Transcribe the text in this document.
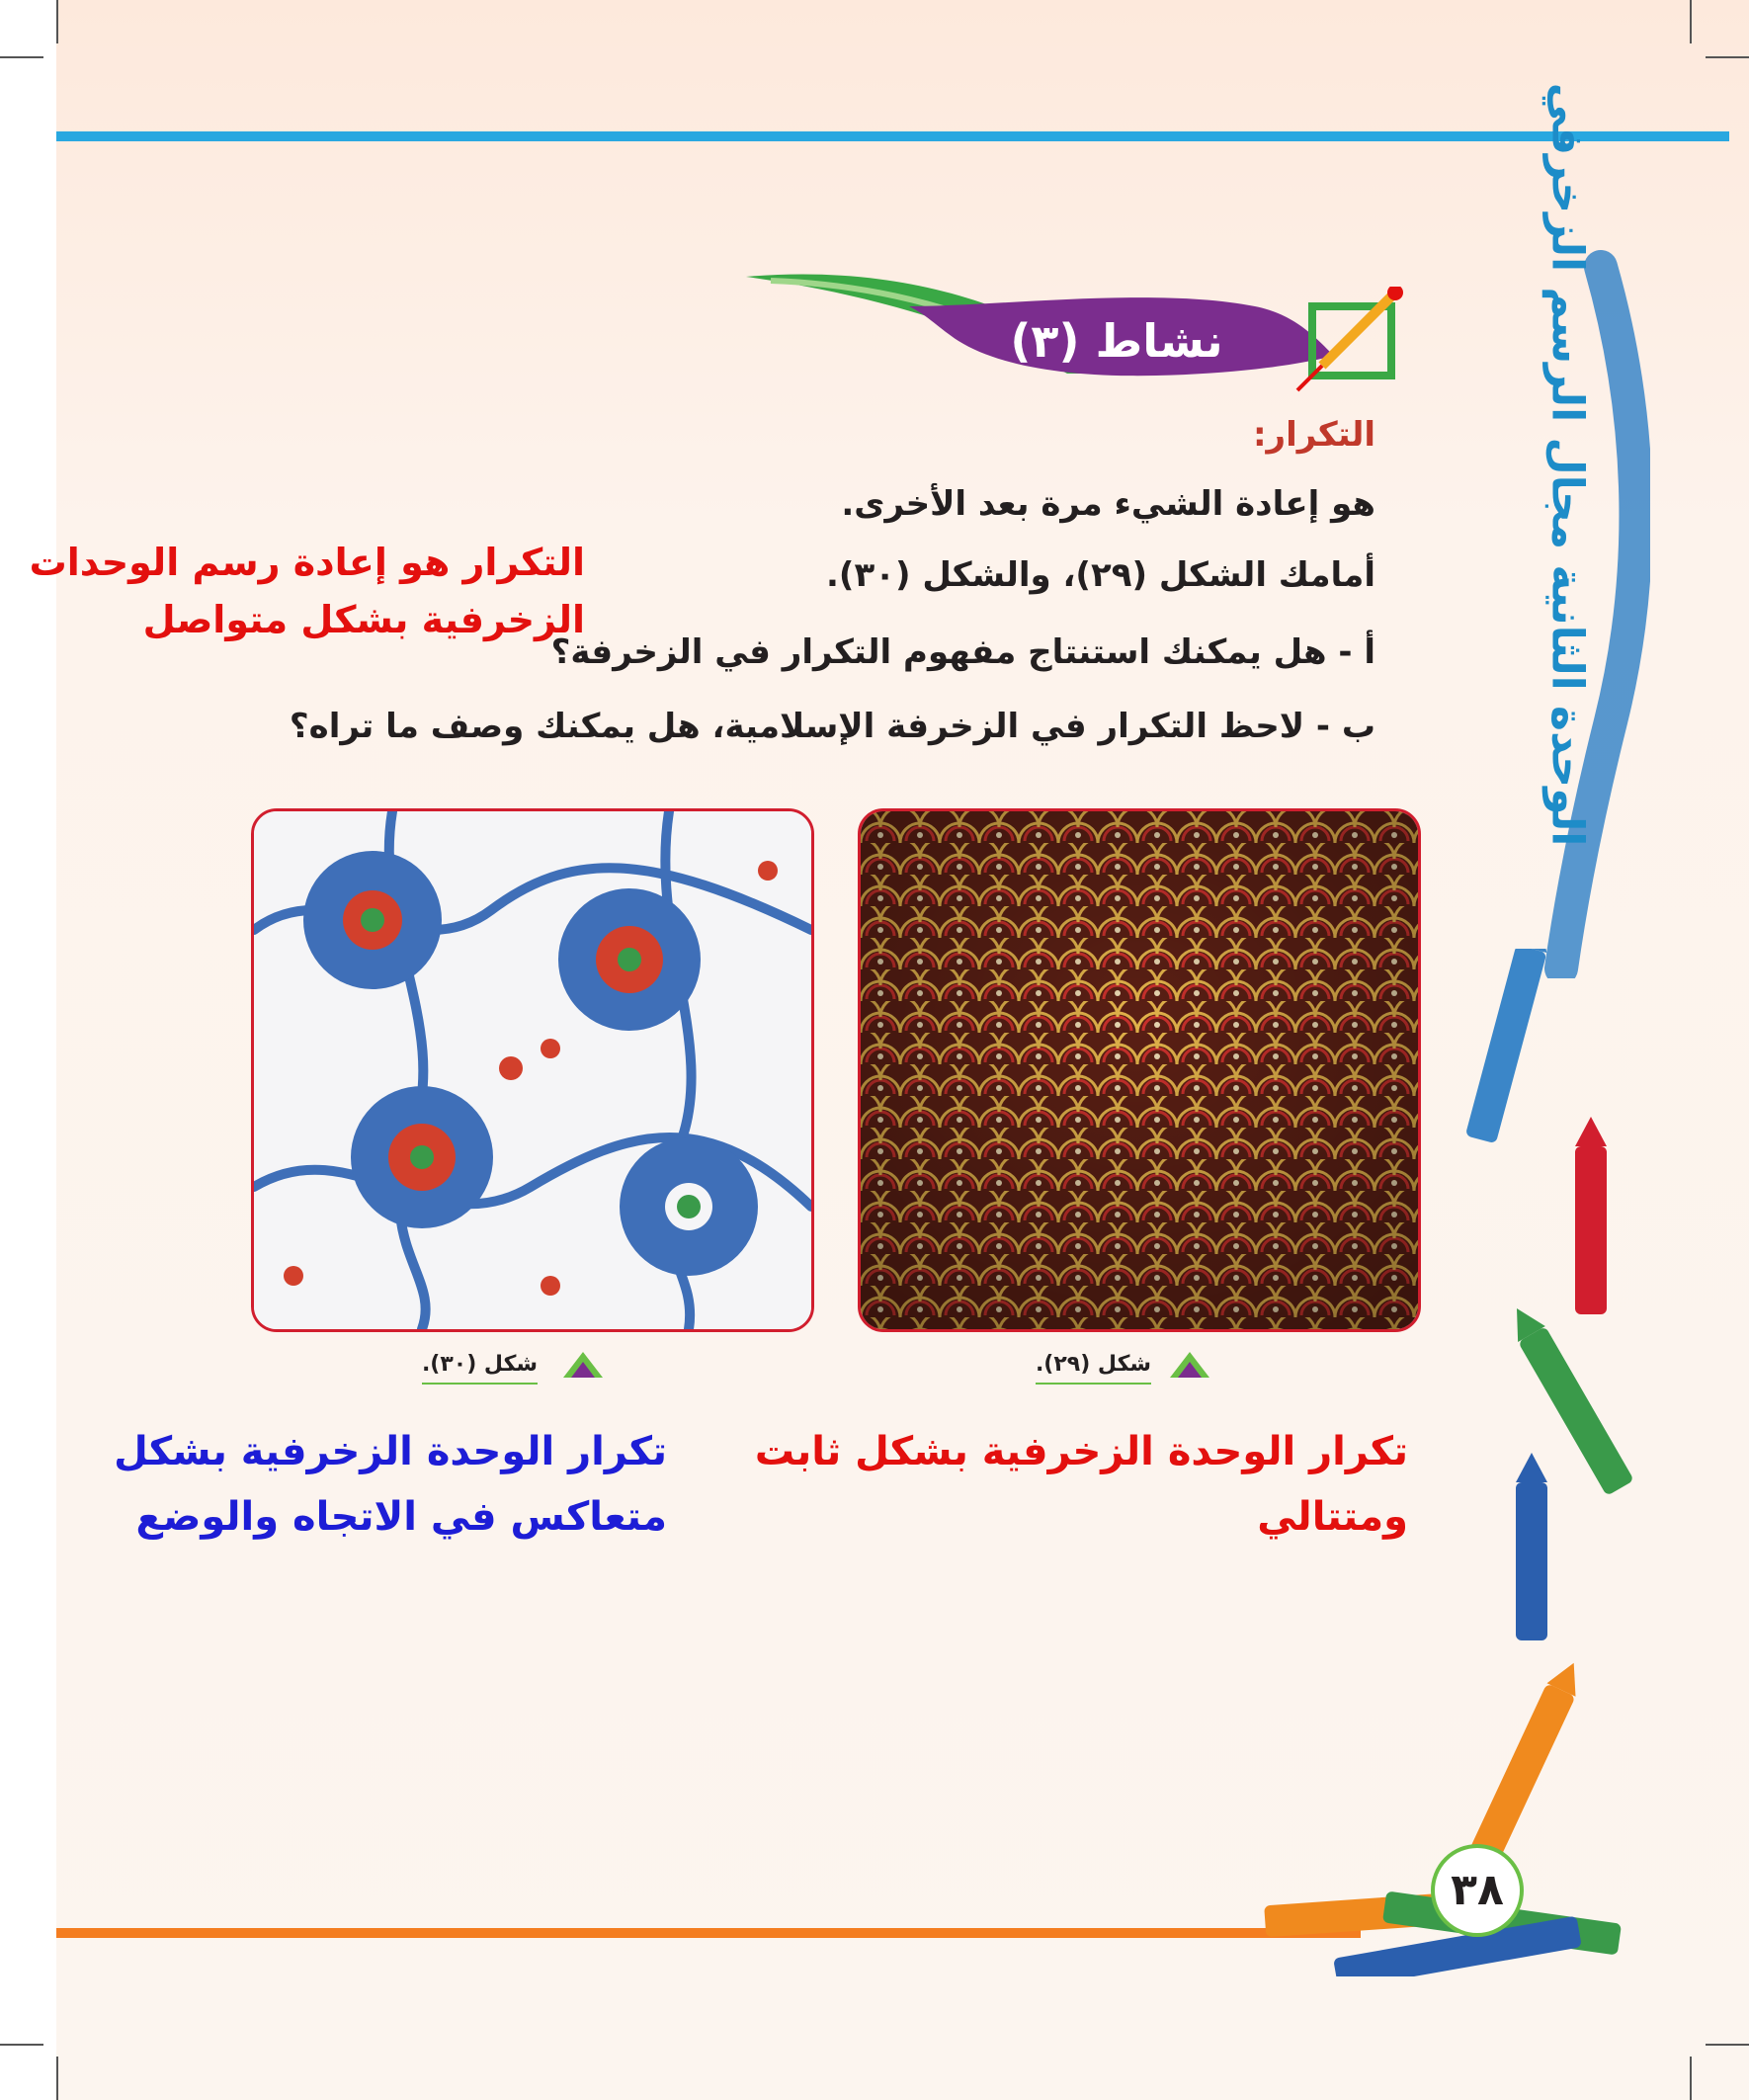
الوحدة الثانية مجال الرسم الزخرفي
نشاط (٣)
التكرار:
هو إعادة الشيء مرة بعد الأخرى.
أمامك الشكل (٢٩)، والشكل (٣٠).
أ - هل يمكنك استنتاج مفهوم التكرار في الزخرفة؟
ب - لاحظ التكرار في الزخرفة الإسلامية، هل يمكنك وصف ما تراه؟
التكرار هو إعادة رسم الوحدات
الزخرفية بشكل متواصل
شكل (٢٩).
شكل (٣٠).
تكرار الوحدة الزخرفية بشكل ثابت
ومتتالي
تكرار الوحدة الزخرفية بشكل
متعاكس في الاتجاه والوضع
٣٨
